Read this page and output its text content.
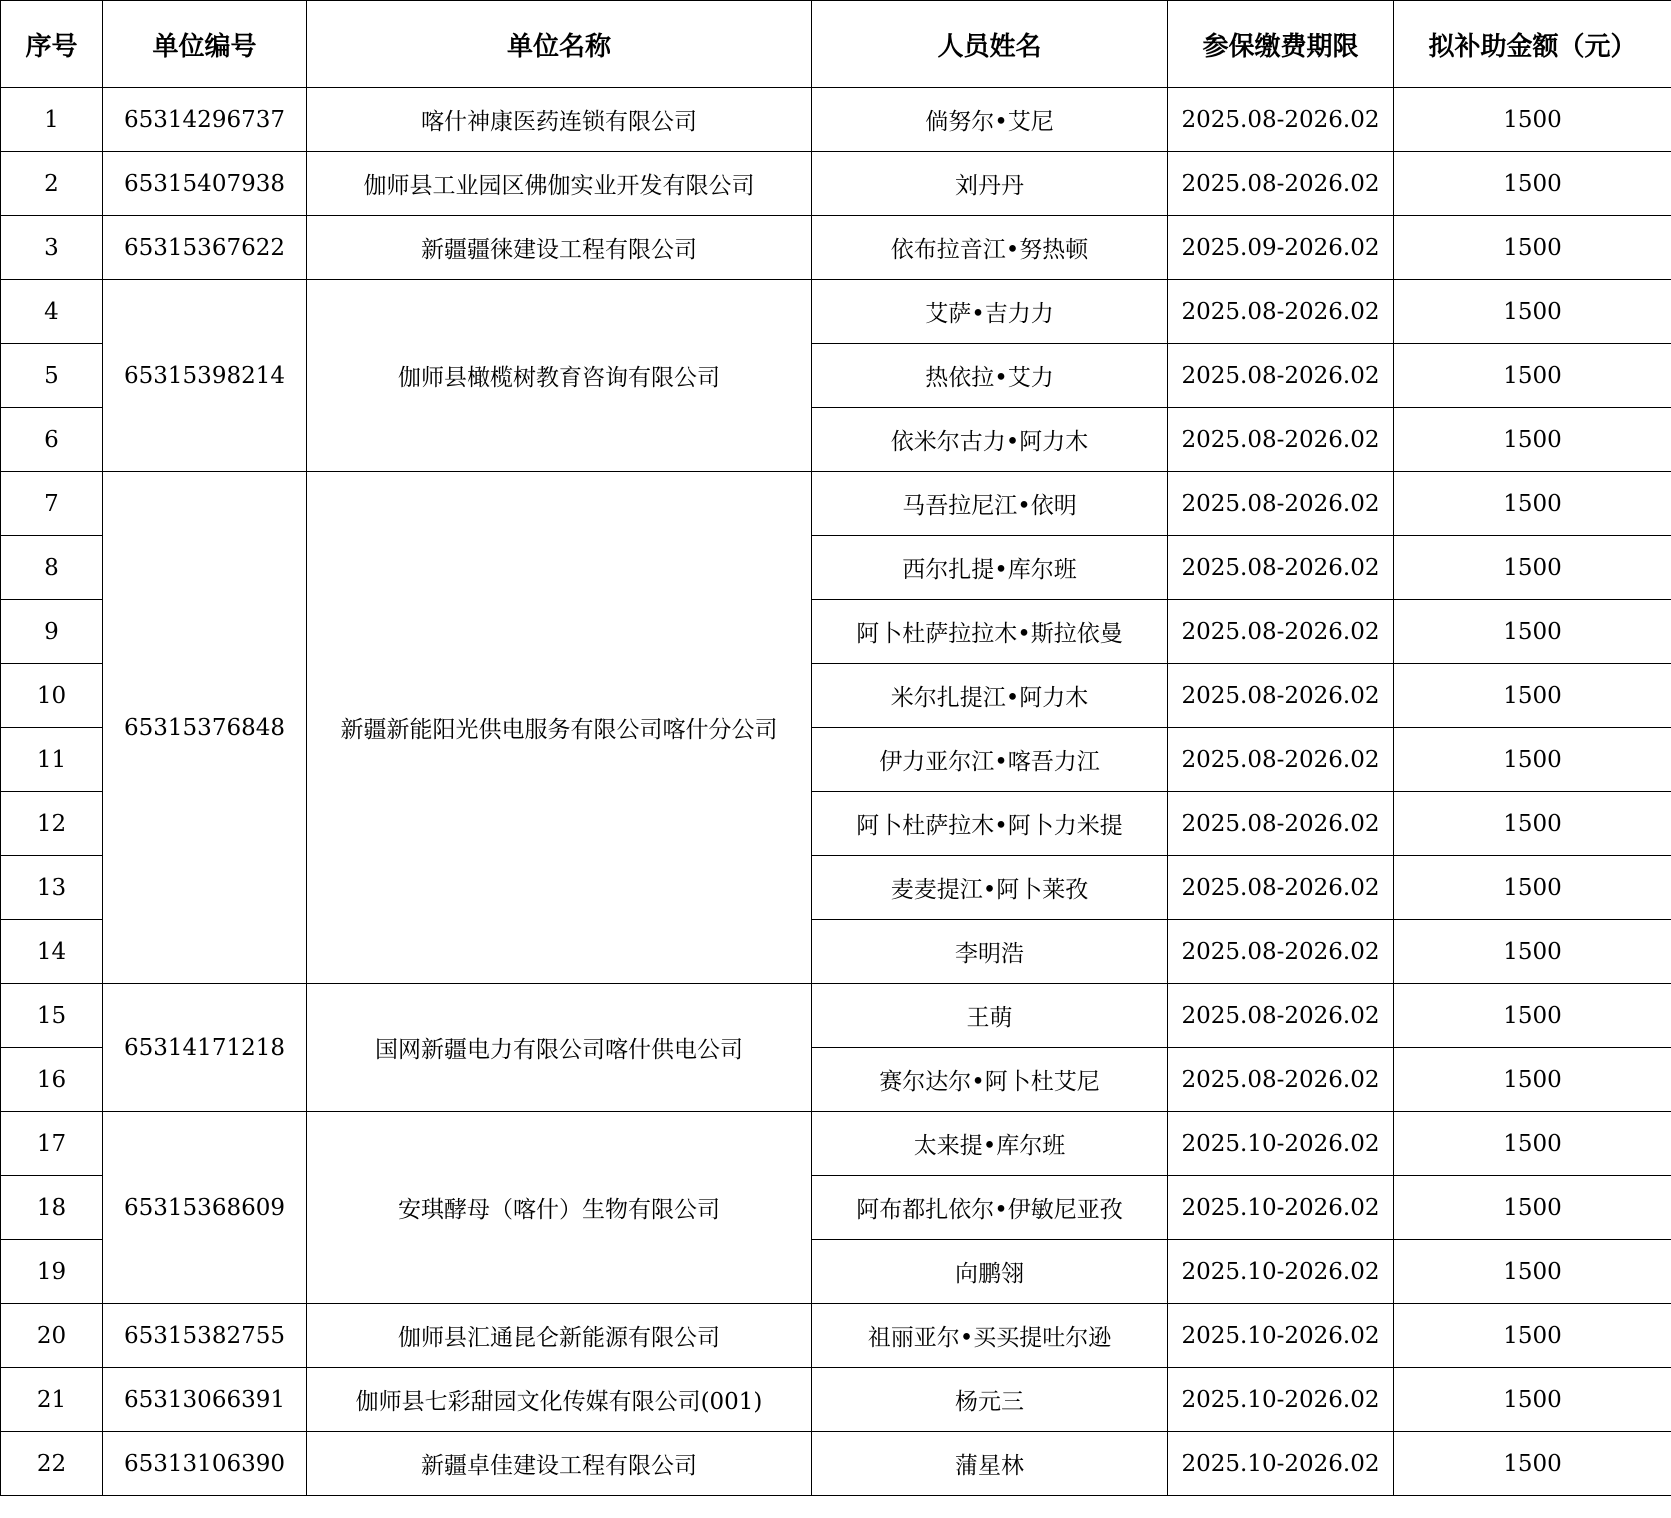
序号	单位编号	单位名称	人员姓名	参保缴费期限	拟补助金额（元）
1	65314296737	喀什神康医药连锁有限公司	倘努尔•艾尼	2025.08-2026.02	1500
2	65315407938	伽师县工业园区佛伽实业开发有限公司	刘丹丹	2025.08-2026.02	1500
3	65315367622	新疆疆徕建设工程有限公司	依布拉音江•努热顿	2025.09-2026.02	1500
4	65315398214	伽师县橄榄树教育咨询有限公司	艾萨•吉力力	2025.08-2026.02	1500
5			热依拉•艾力	2025.08-2026.02	1500
6			依米尔古力•阿力木	2025.08-2026.02	1500
7	65315376848	新疆新能阳光供电服务有限公司喀什分公司	马吾拉尼江•依明	2025.08-2026.02	1500
8			西尔扎提•库尔班	2025.08-2026.02	1500
9			阿卜杜萨拉拉木•斯拉依曼	2025.08-2026.02	1500
10			米尔扎提江•阿力木	2025.08-2026.02	1500
11			伊力亚尔江•喀吾力江	2025.08-2026.02	1500
12			阿卜杜萨拉木•阿卜力米提	2025.08-2026.02	1500
13			麦麦提江•阿卜莱孜	2025.08-2026.02	1500
14			李明浩	2025.08-2026.02	1500
15	65314171218	国网新疆电力有限公司喀什供电公司	王萌	2025.08-2026.02	1500
16			赛尔达尔•阿卜杜艾尼	2025.08-2026.02	1500
17	65315368609	安琪酵母（喀什）生物有限公司	太来提•库尔班	2025.10-2026.02	1500
18			阿布都扎依尔•伊敏尼亚孜	2025.10-2026.02	1500
19			向鹏翎	2025.10-2026.02	1500
20	65315382755	伽师县汇通昆仑新能源有限公司	祖丽亚尔•买买提吐尔逊	2025.10-2026.02	1500
21	65313066391	伽师县七彩甜园文化传媒有限公司(001)	杨元三	2025.10-2026.02	1500
22	65313106390	新疆卓佳建设工程有限公司	蒲星林	2025.10-2026.02	1500
